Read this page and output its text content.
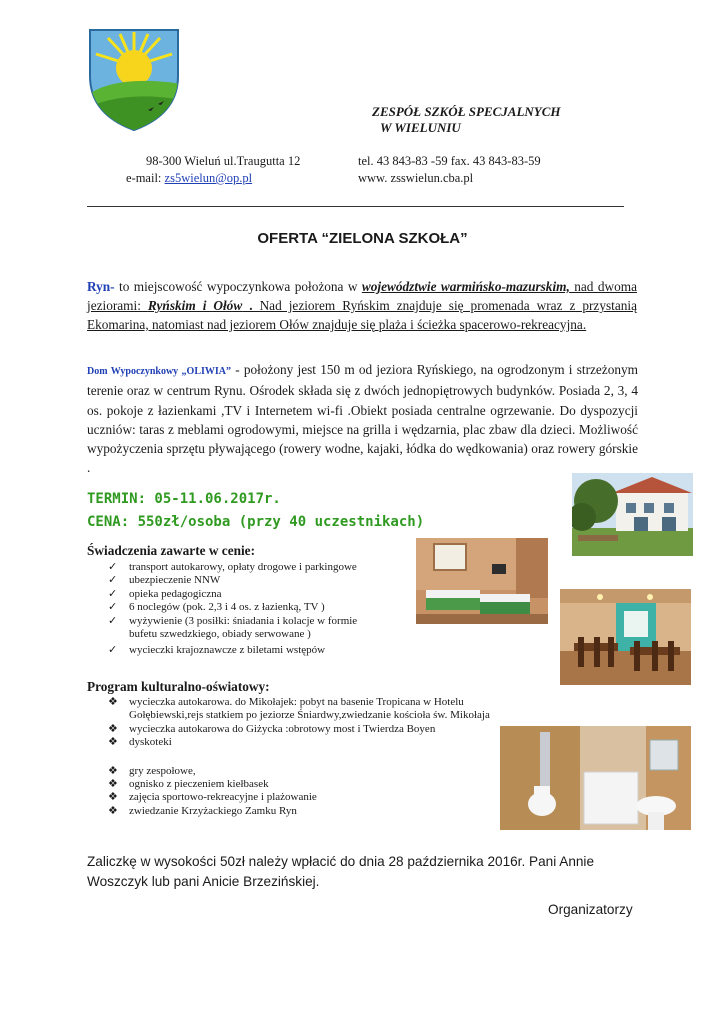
ZESPÓŁ SZKÓŁ SPECJALNYCH
W WIELUNIU
98-300 Wieluń ul.Traugutta 12
e-mail: zs5wielun@op.pl
tel. 43 843-83 -59 fax. 43 843-83-59
www. zsswielun.cba.pl
OFERTA “ZIELONA SZKOŁA”
Ryn- to miejscowość wypoczynkowa położona w województwie warmińsko-mazurskim, nad dwoma jeziorami: Ryńskim i Ołów . Nad jeziorem Ryńskim znajduje się promenada wraz z przystanią Ekomarina, natomiast nad jeziorem Ołów znajduje się plaża i ścieżka spacerowo-rekreacyjna.
Dom Wypoczynkowy „OLIWIA” - położony jest 150 m od jeziora Ryńskiego, na ogrodzonym i strzeżonym terenie oraz w centrum Rynu. Ośrodek składa się z dwóch jednopiętrowych budynków. Posiada 2, 3, 4 os. pokoje z łazienkami ,TV i Internetem wi-fi .Obiekt posiada centralne ogrzewanie. Do dyspozycji uczniów: taras z meblami ogrodowymi, miejsce na grilla i wędzarnia, plac zbaw dla dzieci. Możliwość wypożyczenia sprzętu pływającego (rowery wodne, kajaki, łódka do wędkowania) oraz rowery górskie .
TERMIN: 05-11.06.2017r.
CENA: 550zł/osoba (przy 40 uczestnikach)
Świadczenia zawarte w cenie:
✓ transport autokarowy, opłaty drogowe i parkingowe
✓ ubezpieczenie NNW
✓ opieka pedagogiczna
✓ 6 noclegów (pok. 2,3 i 4 os. z łazienką, TV )
✓ wyżywienie (3 posiłki: śniadania i kolacje w formie bufetu szwedzkiego, obiady serwowane )
✓ wycieczki krajoznawcze z biletami wstępów
Program kulturalno-oświatowy:
❖ wycieczka autokarowa. do Mikołajek: pobyt na basenie Tropicana w Hotelu Gołębiewski,rejs statkiem po jeziorze Śniardwy,zwiedzanie kościoła św. Mikołaja
❖ wycieczka autokarowa do Giżycka :obrotowy most i Twierdza Boyen
❖ dyskoteki
❖ gry zespołowe,
❖ ognisko z pieczeniem kiełbasek
❖ zajęcia sportowo-rekreacyjne i plażowanie
❖ zwiedzanie Krzyżackiego Zamku Ryn
Zaliczkę w wysokości 50zł należy wpłacić do dnia 28 października 2016r. Pani Annie Woszczyk lub pani Anicie Brzezińskiej.
Organizatorzy
